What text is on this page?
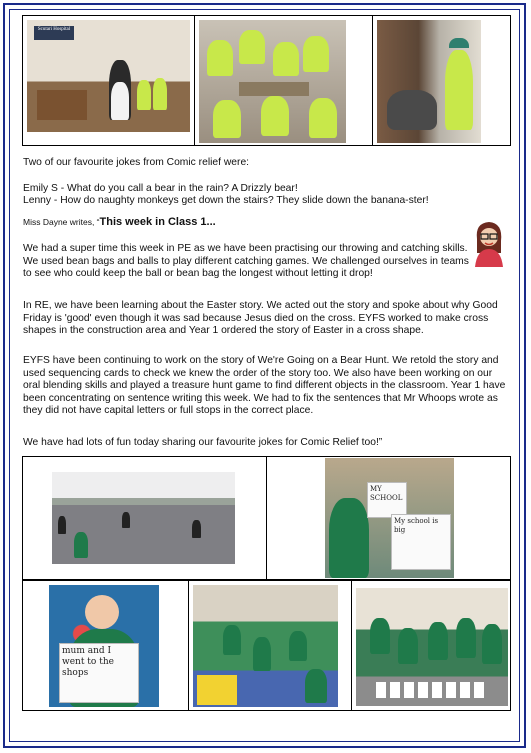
Scutari Hospital

Two of our favourite jokes from Comic relief were:

Emily S - What do you call a bear in the rain? A Drizzly bear!

Lenny - How do naughty monkeys get down the stairs? They slide down the banana-ster!

Miss Dayne writes, “This week in Class 1...
We had a super time this week in PE as we have been practising our throwing and catching skills. We used bean bags and balls to play different catching games. We challenged ourselves in teams to see who could keep the ball or bean bag the longest without letting it drop!
In RE, we have been learning about the Easter story. We acted out the story and spoke about why Good Friday is 'good' even though it was sad because Jesus died on the cross. EYFS worked to make cross shapes in the construction area and Year 1 ordered the story of Easter in a cross shape.
EYFS have been continuing to work on the story of We're Going on a Bear Hunt. We retold the story and used sequencing cards to check we knew the order of the story too. We also have been working on our oral blending skills and played a treasure hunt game to find different objects in the classroom. Year 1 have been concentrating on sentence writing this week. We had to fix the sentences that Mr Whoops wrote as they did not have capital letters or full stops in the correct place.
We have had lots of fun today sharing our favourite jokes for Comic Relief too!”

MY SCHOOL
My school is big
mum and I went to the shops
